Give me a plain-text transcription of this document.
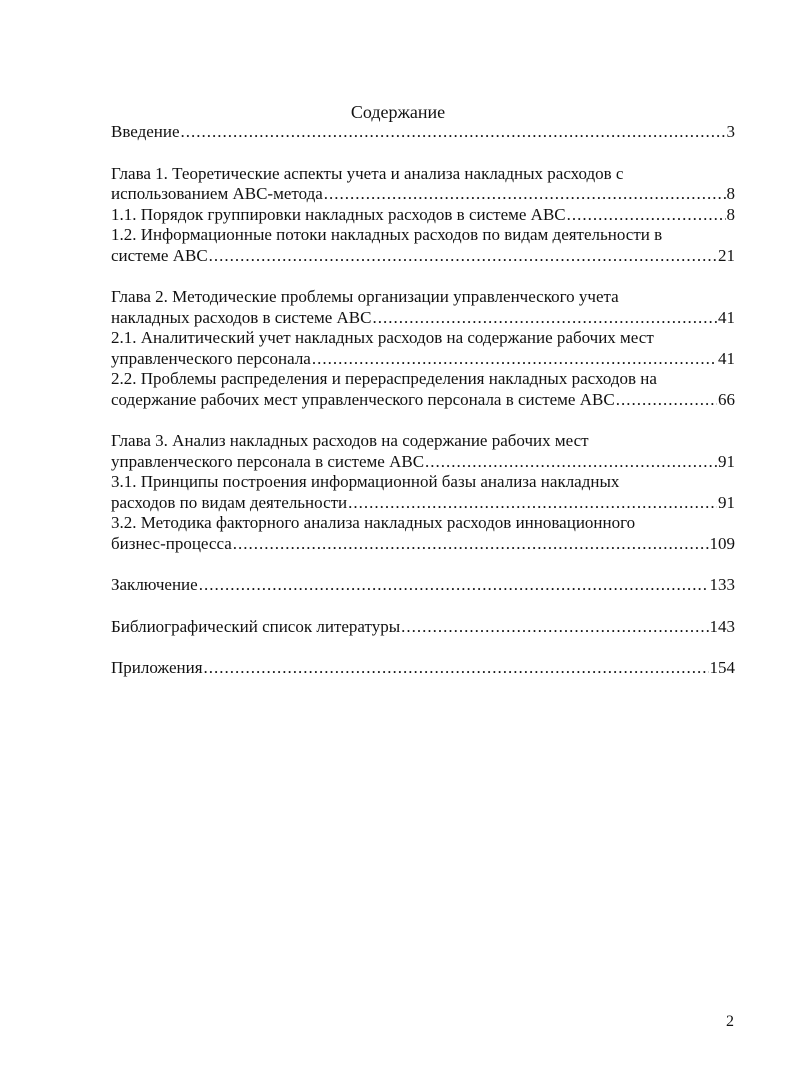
Содержание
Введение .....	3
Глава 1. Теоретические аспекты учета и анализа накладных расходов с
использованием АВС-метода .....	8
1.1. Порядок группировки накладных расходов в системе АВС .....	8
1.2. Информационные потоки накладных расходов по видам деятельности в
системе АВС .....	21
Глава 2. Методические проблемы организации управленческого учета
накладных расходов в системе АВС .....	41
2.1. Аналитический учет накладных расходов на содержание рабочих мест
управленческого персонала .....	41
2.2. Проблемы распределения и перераспределения накладных расходов на
содержание рабочих мест управленческого персонала в системе АВС .....	66
Глава 3. Анализ накладных расходов на содержание рабочих мест
управленческого персонала в системе АВС .....	91
3.1. Принципы построения информационной базы анализа накладных
расходов по видам деятельности .....	91
3.2. Методика факторного анализа накладных расходов инновационного
бизнес-процесса .....	109
Заключение .....	133
Библиографический список литературы .....	143
Приложения .....	154
2
